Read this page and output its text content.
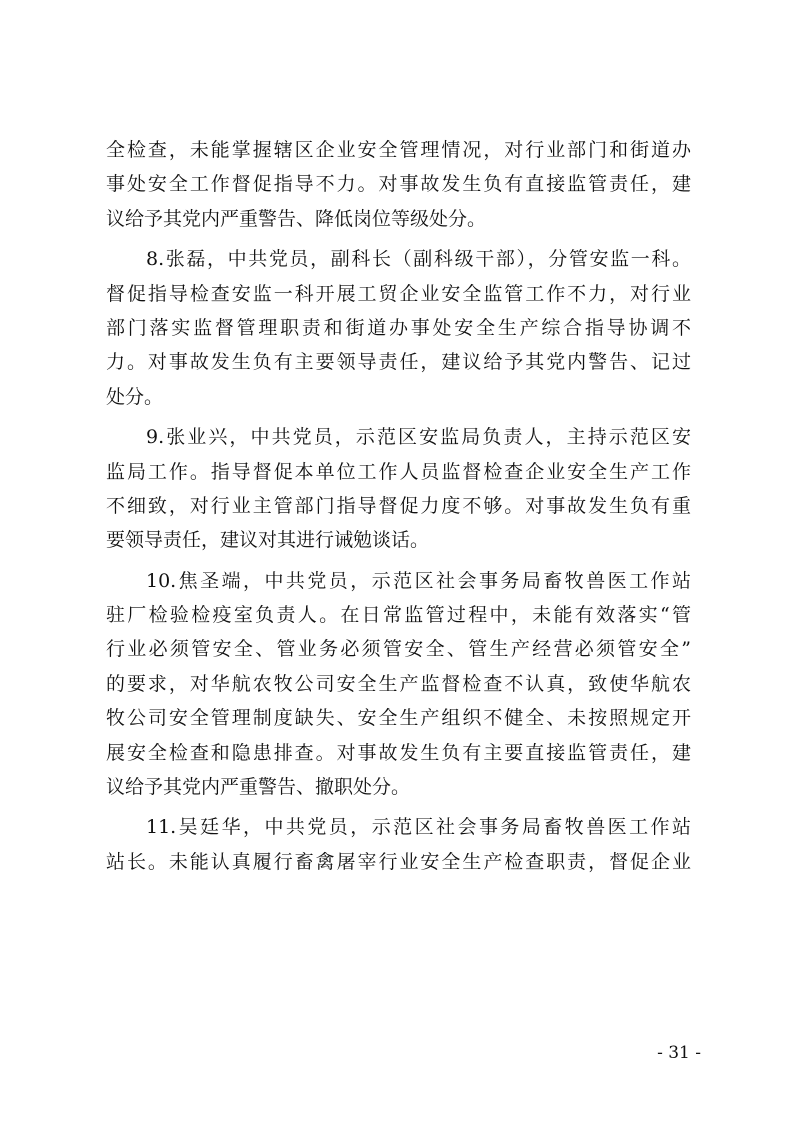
全检查，未能掌握辖区企业安全管理情况，对行业部门和街道办
事处安全工作督促指导不力。对事故发生负有直接监管责任，建
议给予其党内严重警告、降低岗位等级处分。
8.张磊，中共党员，副科长（副科级干部），分管安监一科。
督促指导检查安监一科开展工贸企业安全监管工作不力，对行业
部门落实监督管理职责和街道办事处安全生产综合指导协调不
力。对事故发生负有主要领导责任，建议给予其党内警告、记过
处分。
9.张业兴，中共党员，示范区安监局负责人，主持示范区安
监局工作。指导督促本单位工作人员监督检查企业安全生产工作
不细致，对行业主管部门指导督促力度不够。对事故发生负有重
要领导责任，建议对其进行诫勉谈话。
10.焦圣端，中共党员，示范区社会事务局畜牧兽医工作站
驻厂检验检疫室负责人。在日常监管过程中，未能有效落实“管
行业必须管安全、管业务必须管安全、管生产经营必须管安全”
的要求，对华航农牧公司安全生产监督检查不认真，致使华航农
牧公司安全管理制度缺失、安全生产组织不健全、未按照规定开
展安全检查和隐患排查。对事故发生负有主要直接监管责任，建
议给予其党内严重警告、撤职处分。
11.吴廷华，中共党员，示范区社会事务局畜牧兽医工作站
站长。未能认真履行畜禽屠宰行业安全生产检查职责，督促企业
- 31 -
